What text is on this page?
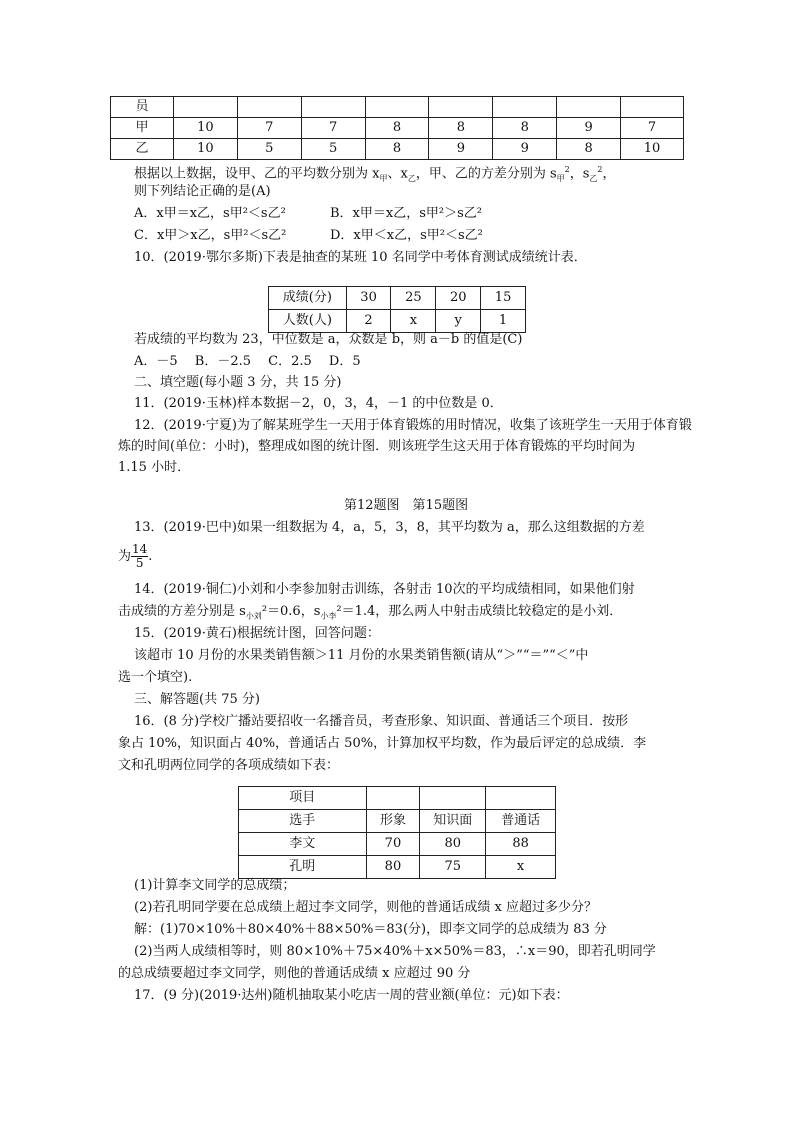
员								
甲	10	7	7	8	8	8	9	7
乙	10	5	5	8	9	9	8	10
根据以上数据，设甲、乙的平均数分别为 $x_甲$、$x_乙$，甲、乙的方差分别为 $s_甲^2$，$s_乙^2$，
则下列结论正确的是(A)
A．x甲＝x乙，s甲²＜s乙²	B．x甲＝x乙，s甲²＞s乙²
C．x甲＞x乙，s甲²＜s乙²	D．x甲＜x乙，s甲²＜s乙²
10．(2019·鄂尔多斯)下表是抽查的某班 10 名同学中考体育测试成绩统计表．
成绩(分)	30	25	20	15
人数(人)	2	x	y	1
若成绩的平均数为 23，中位数是 a，众数是 b，则 a－b 的值是(C)
A．－5　 B．－2.5　 C．2.5　 D．5
二、填空题(每小题 3 分，共 15 分)
11．(2019·玉林)样本数据－2，0，3，4，－1 的中位数是 0．
12．(2019·宁夏)为了解某班学生一天用于体育锻炼的用时情况，收集了该班学生一天用于体育锻
炼的时间(单位：小时)，整理成如图的统计图．则该班学生这天用于体育锻炼的平均时间为
1.15 小时．
第12题图　第15题图
13．(2019·巴中)如果一组数据为 4，a，5，3，8，其平均数为 a，那么这组数据的方差
为 $\frac{14}{5}$ .
14．(2019·铜仁)小刘和小李参加射击训练，各射击 10次的平均成绩相同，如果他们射
击成绩的方差分别是 $s_{小刘}^2=0.6$，$s_{小李}^2=1.4$，那么两人中射击成绩比较稳定的是小刘．
15．(2019·黄石)根据统计图，回答问题：
该超市 10 月份的水果类销售额＞11 月份的水果类销售额(请从“＞”“＝”“＜”中
选一个填空).
三、解答题(共 75 分)
16．(8 分)学校广播站要招收一名播音员，考查形象、知识面、普通话三个项目．按形
象占 10%，知识面占 40%，普通话占 50%，计算加权平均数，作为最后评定的总成绩．李
文和孔明两位同学的各项成绩如下表：
项目			
选手	形象	知识面	普通话
李文	70	80	88
孔明	80	75	x
(1)计算李文同学的总成绩；
(2)若孔明同学要在总成绩上超过李文同学，则他的普通话成绩 x 应超过多少分？
解：(1)70×10%＋80×40%＋88×50%＝83(分)，即李文同学的总成绩为 83 分
(2)当两人成绩相等时，则 80×10%＋75×40%＋x×50%＝83，∴x＝90，即若孔明同学
的总成绩要超过李文同学，则他的普通话成绩 x 应超过 90 分
17．(9 分)(2019·达州)随机抽取某小吃店一周的营业额(单位：元)如下表：
